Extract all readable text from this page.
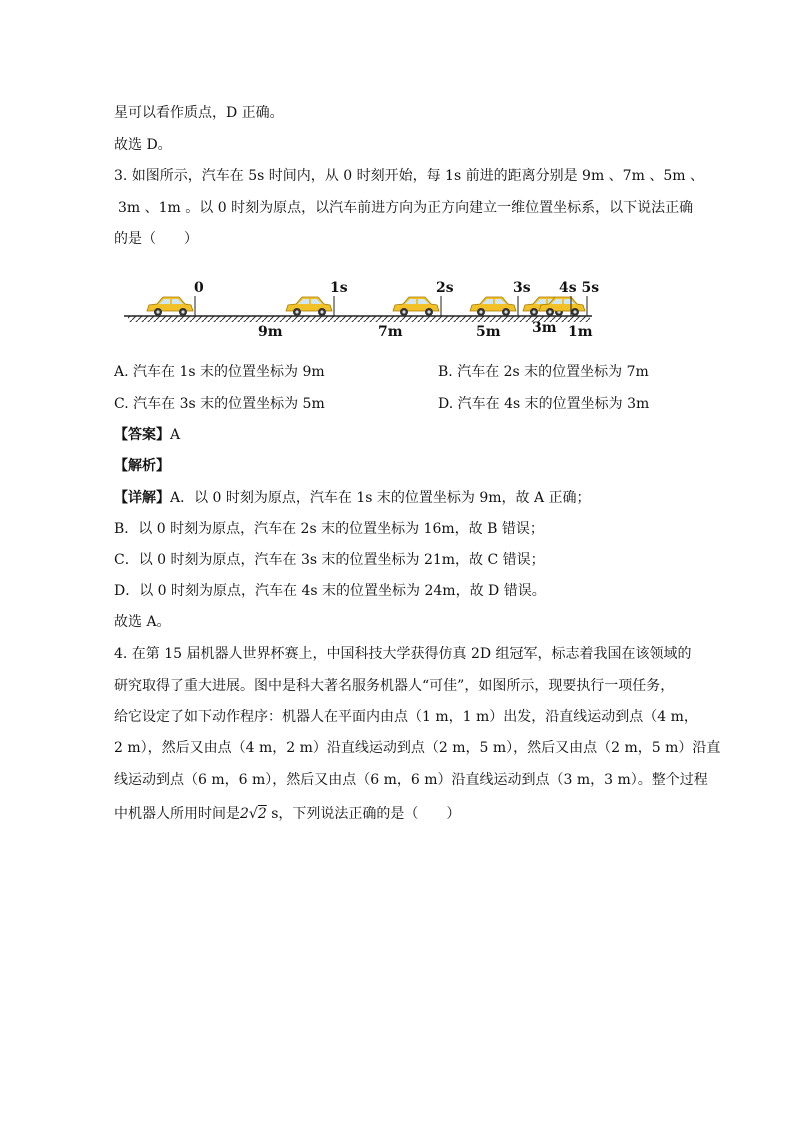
星可以看作质点，D 正确。
故选 D。
3. 如图所示，汽车在 5s 时间内，从 0 时刻开始，每 1s 前进的距离分别是 9m 、7m 、5m 、
3m 、1m 。以 0 时刻为原点，以汽车前进方向为正方向建立一维位置坐标系，以下说法正确
的是（　　）
0	1s	2s	3s 4s 5s
9m	7m	5m 3m 1m
A. 汽车在 1s 末的位置坐标为 9m	B. 汽车在 2s 末的位置坐标为 7m
C. 汽车在 3s 末的位置坐标为 5m	D. 汽车在 4s 末的位置坐标为 3m
【答案】A
【解析】
【详解】A．以 0 时刻为原点，汽车在 1s 末的位置坐标为 9m，故 A 正确；
B．以 0 时刻为原点，汽车在 2s 末的位置坐标为 16m，故 B 错误；
C．以 0 时刻为原点，汽车在 3s 末的位置坐标为 21m，故 C 错误；
D．以 0 时刻为原点，汽车在 4s 末的位置坐标为 24m，故 D 错误。
故选 A。
4. 在第 15 届机器人世界杯赛上，中国科技大学获得仿真 2D 组冠军，标志着我国在该领域的
研究取得了重大进展。图中是科大著名服务机器人“可佳”，如图所示，现要执行一项任务，
给它设定了如下动作程序：机器人在平面内由点（1 m，1 m）出发，沿直线运动到点（4 m，
2 m），然后又由点（4 m，2 m）沿直线运动到点（2 m，5 m），然后又由点（2 m，5 m）沿直
线运动到点（6 m，6 m），然后又由点（6 m，6 m）沿直线运动到点（3 m，3 m）。整个过程
中机器人所用时间是2√2 s，下列说法正确的是（　　）
